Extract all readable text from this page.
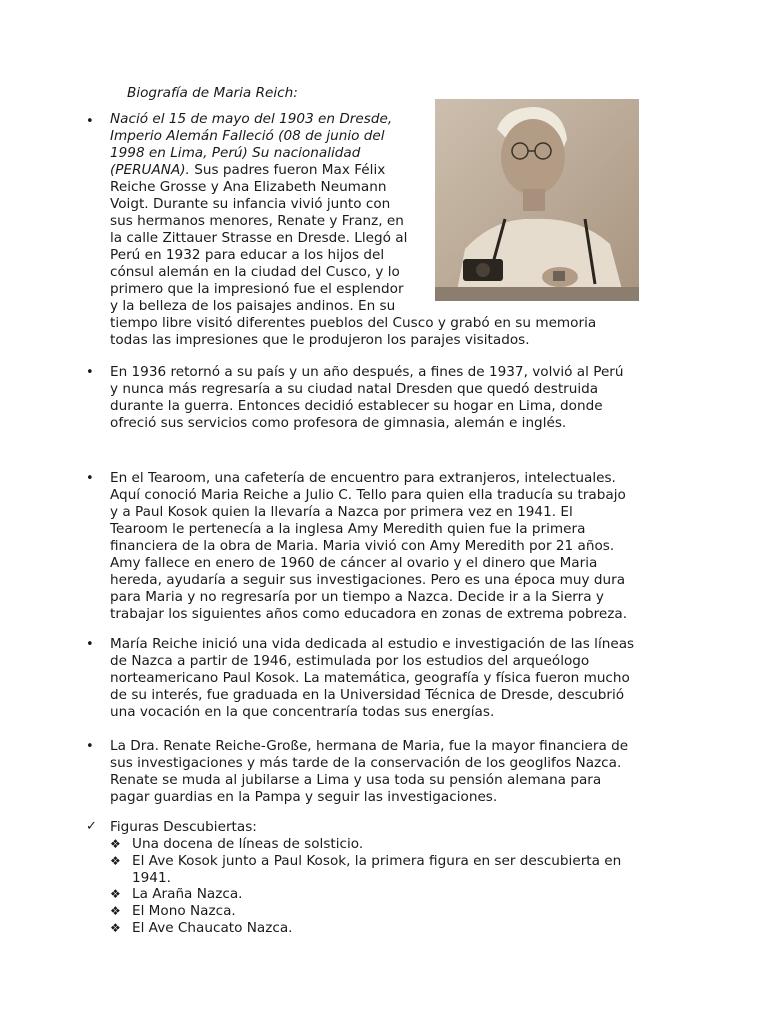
Biografía de Maria Reich:
• Nació el 15 de mayo del 1903 en Dresde,
Imperio Alemán Falleció (08 de junio del
1998 en Lima, Perú) Su nacionalidad
(PERUANA). Sus padres fueron Max Félix
Reiche Grosse y Ana Elizabeth Neumann
Voigt. Durante su infancia vivió junto con
sus hermanos menores, Renate y Franz, en
la calle Zittauer Strasse en Dresde. Llegó al
Perú en 1932 para educar a los hijos del
cónsul alemán en la ciudad del Cusco, y lo
primero que la impresionó fue el esplendor
y la belleza de los paisajes andinos. En su
tiempo libre visitó diferentes pueblos del Cusco y grabó en su memoria
todas las impresiones que le produjeron los parajes visitados.
• En 1936 retornó a su país y un año después, a fines de 1937, volvió al Perú
y nunca más regresaría a su ciudad natal Dresden que quedó destruida
durante la guerra. Entonces decidió establecer su hogar en Lima, donde
ofreció sus servicios como profesora de gimnasia, alemán e inglés.
• En el Tearoom, una cafetería de encuentro para extranjeros, intelectuales.
Aquí conoció Maria Reiche a Julio C. Tello para quien ella traducía su trabajo
y a Paul Kosok quien la llevaría a Nazca por primera vez en 1941. El
Tearoom le pertenecía a la inglesa Amy Meredith quien fue la primera
financiera de la obra de Maria. Maria vivió con Amy Meredith por 21 años.
Amy fallece en enero de 1960 de cáncer al ovario y el dinero que Maria
hereda, ayudaría a seguir sus investigaciones. Pero es una época muy dura
para Maria y no regresaría por un tiempo a Nazca. Decide ir a la Sierra y
trabajar los siguientes años como educadora en zonas de extrema pobreza.
• María Reiche inició una vida dedicada al estudio e investigación de las líneas
de Nazca a partir de 1946, estimulada por los estudios del arqueólogo
norteamericano Paul Kosok. La matemática, geografía y física fueron mucho
de su interés, fue graduada en la Universidad Técnica de Dresde, descubrió
una vocación en la que concentraría todas sus energías.
• La Dra. Renate Reiche-Große, hermana de Maria, fue la mayor financiera de
sus investigaciones y más tarde de la conservación de los geoglifos Nazca.
Renate se muda al jubilarse a Lima y usa toda su pensión alemana para
pagar guardias en la Pampa y seguir las investigaciones.
✓ Figuras Descubiertas:
❖ Una docena de líneas de solsticio.
❖ El Ave Kosok junto a Paul Kosok, la primera figura en ser descubierta en
1941.
❖ La Araña Nazca.
❖ El Mono Nazca.
❖ El Ave Chaucato Nazca.
